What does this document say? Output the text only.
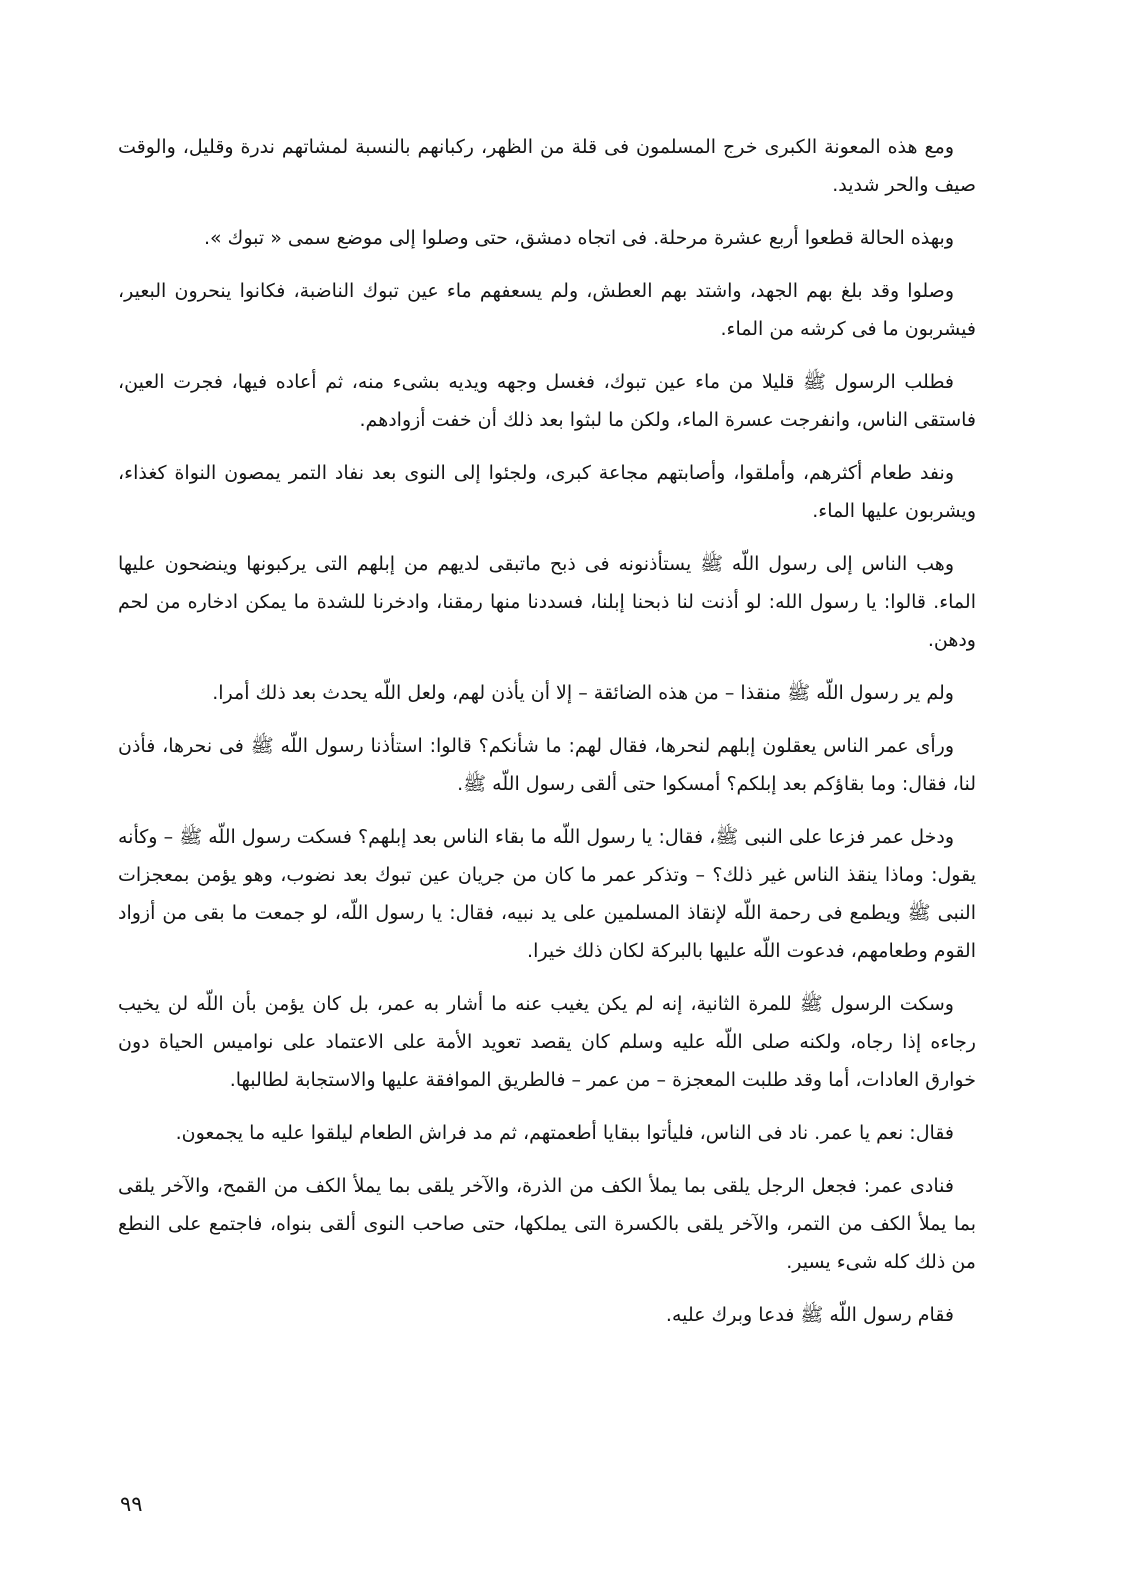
ومع هذه المعونة الكبرى خرج المسلمون فى قلة من الظهر، ركبانهم بالنسبة لمشاتهم ندرة وقليل، والوقت صيف والحر شديد.

وبهذه الحالة قطعوا أربع عشرة مرحلة. فى اتجاه دمشق، حتى وصلوا إلى موضع سمى « تبوك ».

وصلوا وقد بلغ بهم الجهد، واشتد بهم العطش، ولم يسعفهم ماء عين تبوك الناضبة، فكانوا ينحرون البعير، فيشربون ما فى كرشه من الماء.

فطلب الرسول ﷺ قليلا من ماء عين تبوك، فغسل وجهه ويديه بشىء منه، ثم أعاده فيها، فجرت العين، فاستقى الناس، وانفرجت عسرة الماء، ولكن ما لبثوا بعد ذلك أن خفت أزوادهم.

ونفد طعام أكثرهم، وأملقوا، وأصابتهم مجاعة كبرى، ولجئوا إلى النوى بعد نفاد التمر يمصون النواة كغذاء، ويشربون عليها الماء.

وهب الناس إلى رسول اللّه ﷺ يستأذنونه فى ذبح ماتبقى لديهم من إبلهم التى يركبونها وينضحون عليها الماء. قالوا: يا رسول الله: لو أذنت لنا ذبحنا إبلنا، فسددنا منها رمقنا، وادخرنا للشدة ما يمكن ادخاره من لحم ودهن.

ولم ير رسول اللّه ﷺ منقذا – من هذه الضائقة – إلا أن يأذن لهم، ولعل اللّه يحدث بعد ذلك أمرا.

ورأى عمر الناس يعقلون إبلهم لنحرها، فقال لهم: ما شأنكم؟ قالوا: استأذنا رسول اللّه ﷺ فى نحرها، فأذن لنا، فقال: وما بقاؤكم بعد إبلكم؟ أمسكوا حتى ألقى رسول اللّه ﷺ.

ودخل عمر فزعا على النبى ﷺ، فقال: يا رسول اللّه ما بقاء الناس بعد إبلهم؟ فسكت رسول اللّه ﷺ – وكأنه يقول: وماذا ينقذ الناس غير ذلك؟ – وتذكر عمر ما كان من جريان عين تبوك بعد نضوب، وهو يؤمن بمعجزات النبى ﷺ ويطمع فى رحمة اللّه لإنقاذ المسلمين على يد نبيه، فقال: يا رسول اللّه، لو جمعت ما بقى من أزواد القوم وطعامهم، فدعوت اللّه عليها بالبركة لكان ذلك خيرا.

وسكت الرسول ﷺ للمرة الثانية، إنه لم يكن يغيب عنه ما أشار به عمر، بل كان يؤمن بأن اللّه لن يخيب رجاءه إذا رجاه، ولكنه صلى اللّه عليه وسلم كان يقصد تعويد الأمة على الاعتماد على نواميس الحياة دون خوارق العادات، أما وقد طلبت المعجزة – من عمر – فالطريق الموافقة عليها والاستجابة لطالبها.

فقال: نعم يا عمر. ناد فى الناس، فليأتوا ببقايا أطعمتهم، ثم مد فراش الطعام ليلقوا عليه ما يجمعون.

فنادى عمر: فجعل الرجل يلقى بما يملأ الكف من الذرة، والآخر يلقى بما يملأ الكف من القمح، والآخر يلقى بما يملأ الكف من التمر، والآخر يلقى بالكسرة التى يملكها، حتى صاحب النوى ألقى بنواه، فاجتمع على النطع من ذلك كله شىء يسير.

فقام رسول اللّه ﷺ فدعا وبرك عليه.

٩٩
